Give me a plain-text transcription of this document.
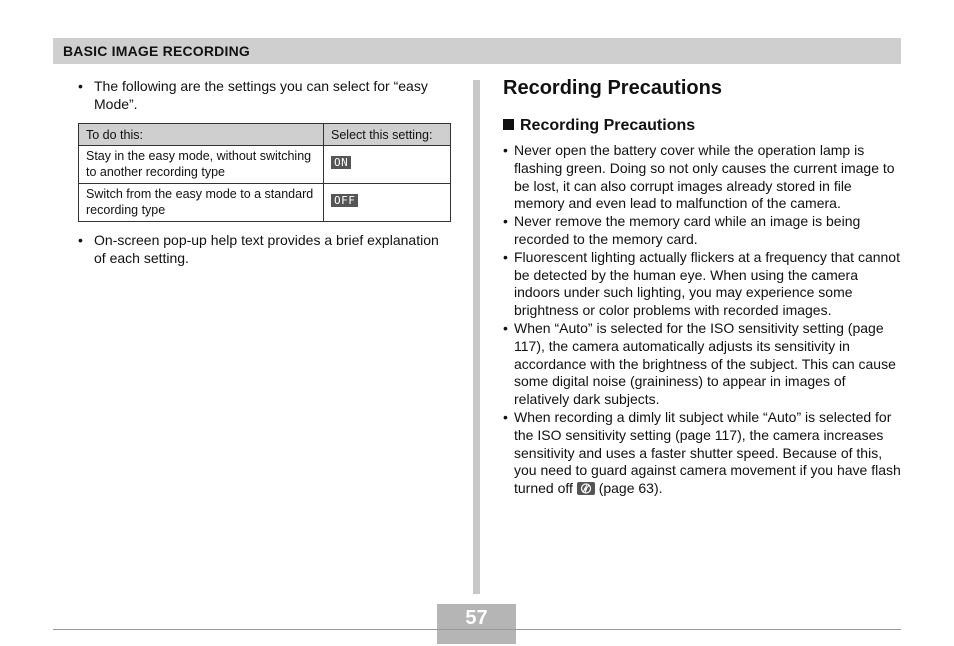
BASIC IMAGE RECORDING
• The following are the settings you can select for “easy Mode”.
To do this:	Select this setting:
Stay in the easy mode, without switching to another recording type	ON
Switch from the easy mode to a standard recording type	OFF
• On-screen pop-up help text provides a brief explanation of each setting.
Recording Precautions
Recording Precautions
• Never open the battery cover while the operation lamp is flashing green. Doing so not only causes the current image to be lost, it can also corrupt images already stored in file memory and even lead to malfunction of the camera.
• Never remove the memory card while an image is being recorded to the memory card.
• Fluorescent lighting actually flickers at a frequency that cannot be detected by the human eye. When using the camera indoors under such lighting, you may experience some brightness or color problems with recorded images.
• When “Auto” is selected for the ISO sensitivity setting (page 117), the camera automatically adjusts its sensitivity in accordance with the brightness of the subject. This can cause some digital noise (graininess) to appear in images of relatively dark subjects.
• When recording a dimly lit subject while “Auto” is selected for the ISO sensitivity setting (page 117), the camera increases sensitivity and uses a faster shutter speed. Because of this, you need to guard against camera movement if you have flash turned off (page 63).
57
